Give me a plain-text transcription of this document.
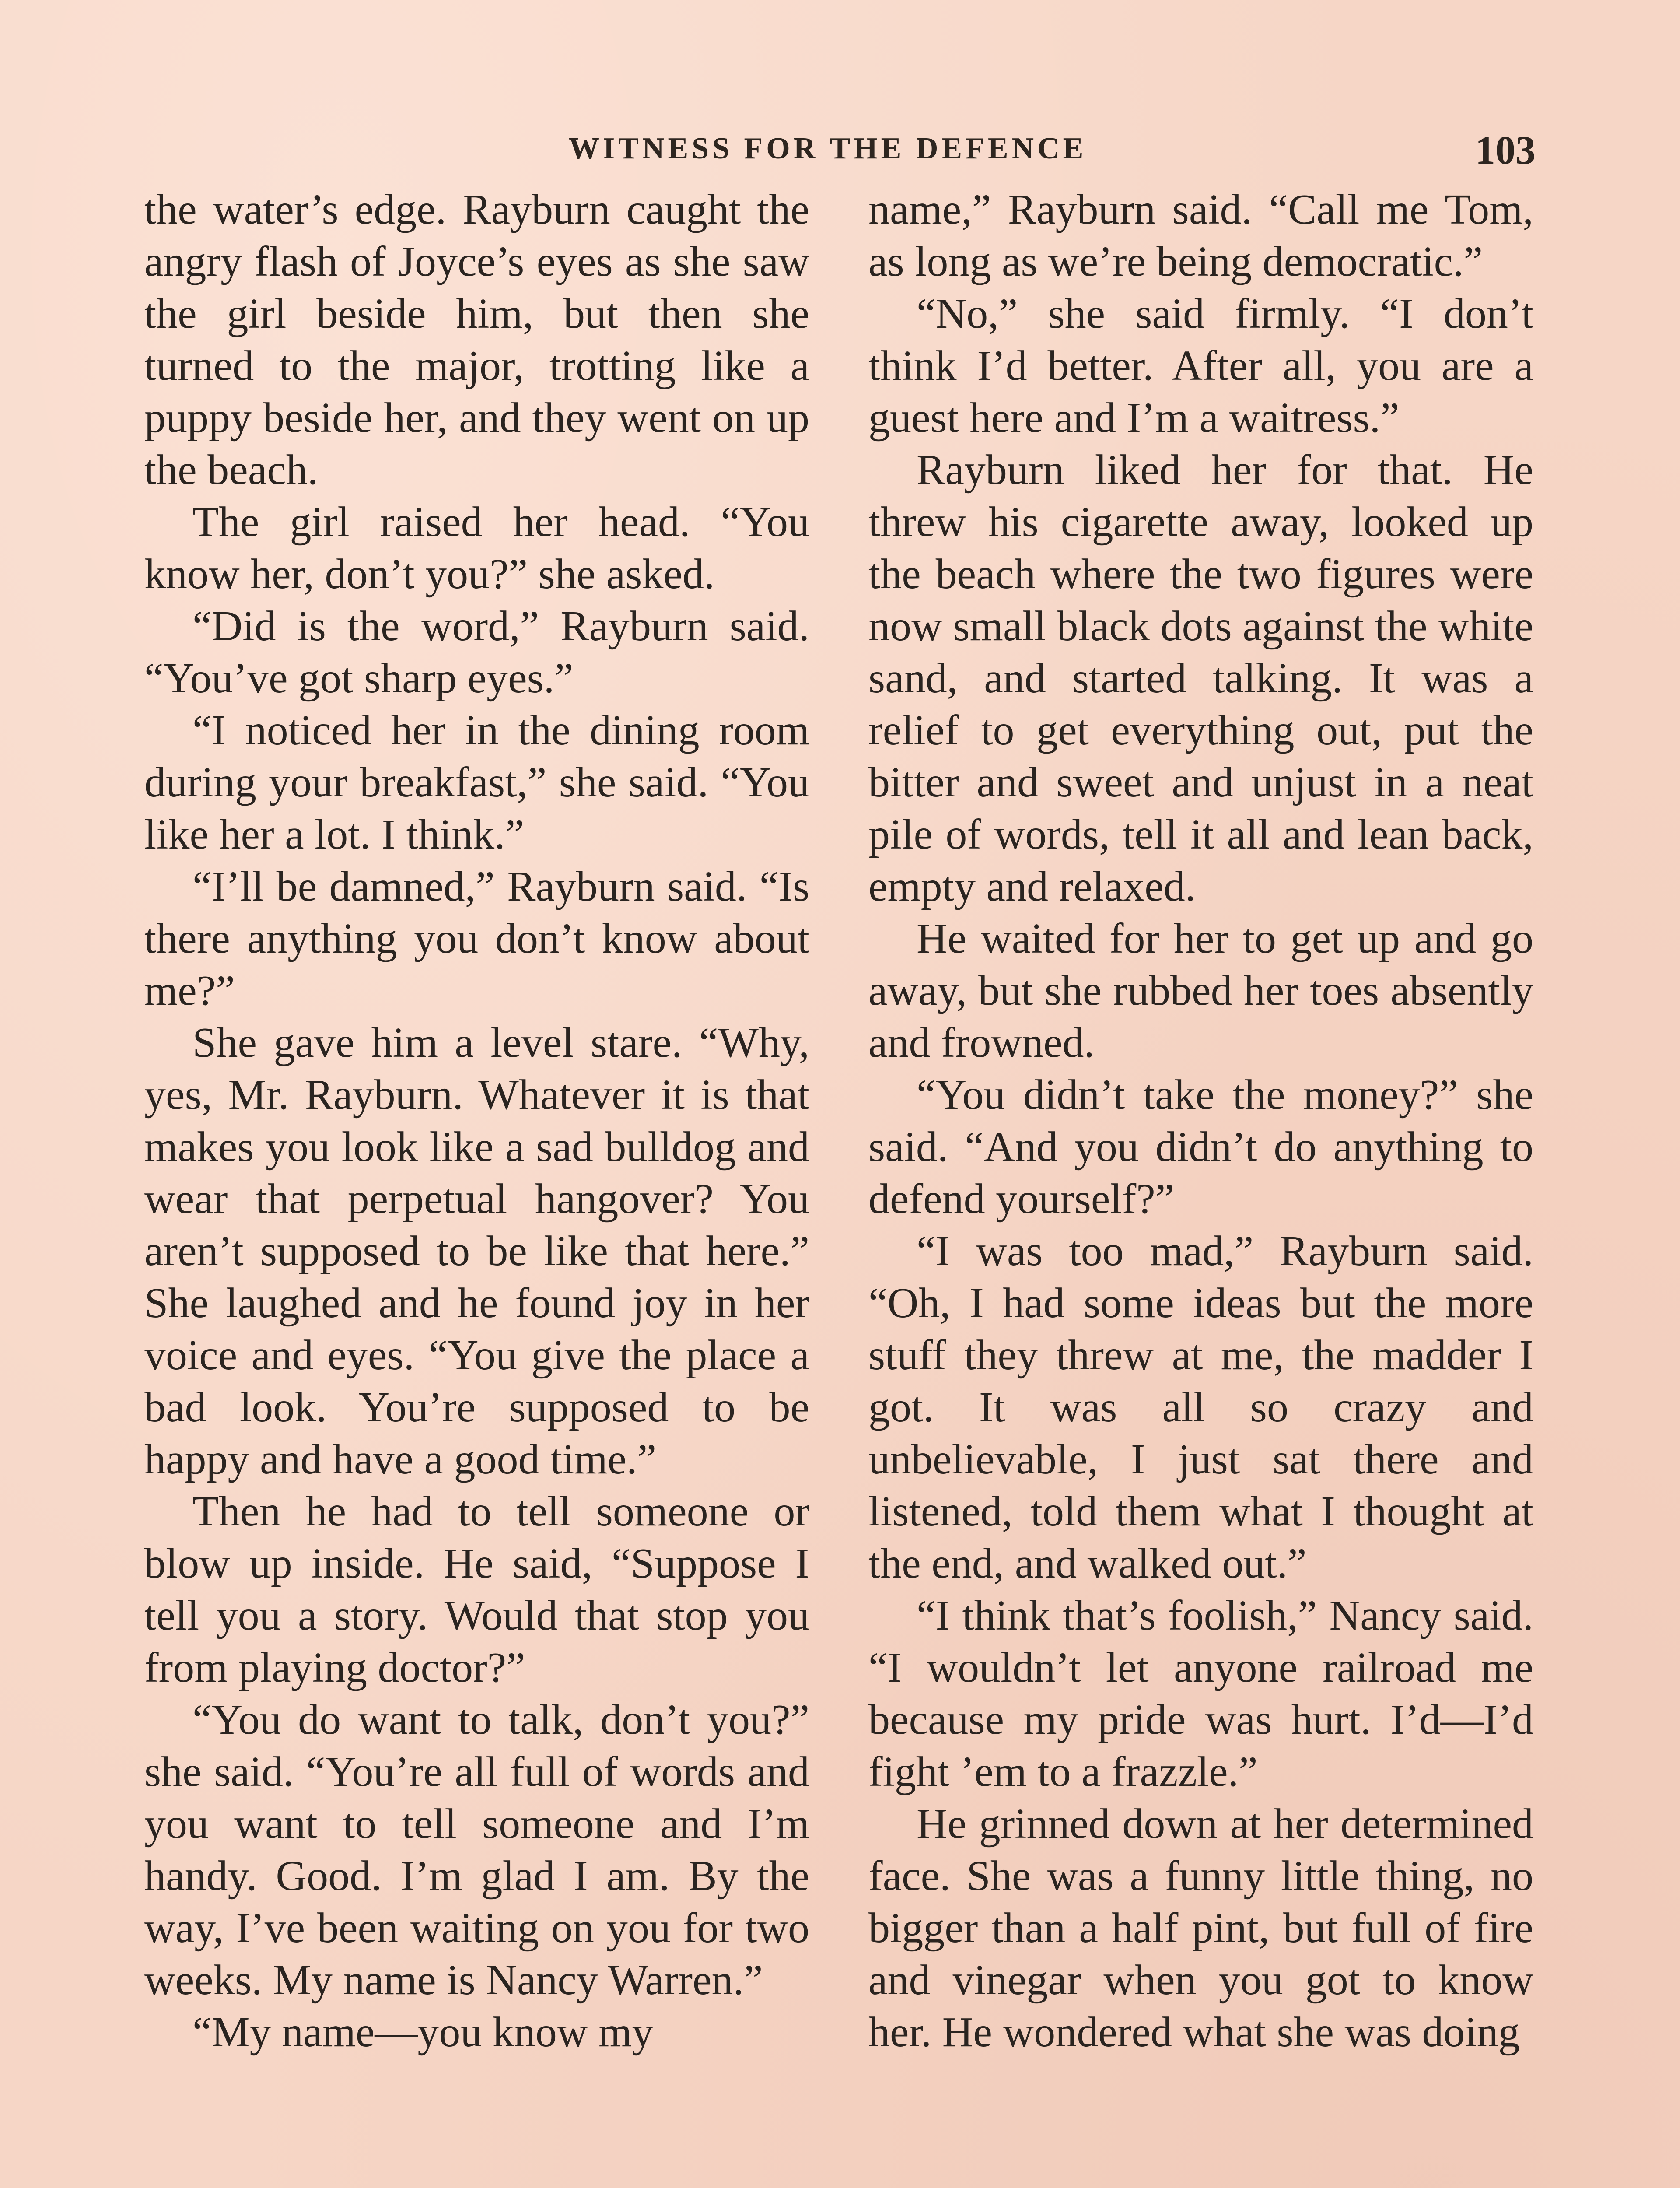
WITNESS FOR THE DEFENCE	103

the water’s edge. Rayburn caught the angry flash of Joyce’s eyes as she saw the girl beside him, but then she turned to the major, trotting like a puppy beside her, and they went on up the beach.

The girl raised her head. “You know her, don’t you?” she asked.

“Did is the word,” Rayburn said. “You’ve got sharp eyes.”

“I noticed her in the dining room during your breakfast,” she said. “You like her a lot. I think.”

“I’ll be damned,” Rayburn said. “Is there anything you don’t know about me?”

She gave him a level stare. “Why, yes, Mr. Rayburn. Whatever it is that makes you look like a sad bulldog and wear that perpetual hangover? You aren’t supposed to be like that here.” She laughed and he found joy in her voice and eyes. “You give the place a bad look. You’re supposed to be happy and have a good time.”

Then he had to tell someone or blow up inside. He said, “Suppose I tell you a story. Would that stop you from playing doctor?”

“You do want to talk, don’t you?” she said. “You’re all full of words and you want to tell someone and I’m handy. Good. I’m glad I am. By the way, I’ve been waiting on you for two weeks. My name is Nancy Warren.”

“My name—you know my

name,” Rayburn said. “Call me Tom, as long as we’re being democratic.”

“No,” she said firmly. “I don’t think I’d better. After all, you are a guest here and I’m a waitress.”

Rayburn liked her for that. He threw his cigarette away, looked up the beach where the two figures were now small black dots against the white sand, and started talking. It was a relief to get everything out, put the bitter and sweet and unjust in a neat pile of words, tell it all and lean back, empty and relaxed.

He waited for her to get up and go away, but she rubbed her toes absently and frowned.

“You didn’t take the money?” she said. “And you didn’t do anything to defend yourself?”

“I was too mad,” Rayburn said. “Oh, I had some ideas but the more stuff they threw at me, the madder I got. It was all so crazy and unbelievable, I just sat there and listened, told them what I thought at the end, and walked out.”

“I think that’s foolish,” Nancy said. “I wouldn’t let anyone railroad me because my pride was hurt. I’d—I’d fight ’em to a frazzle.”

He grinned down at her determined face. She was a funny little thing, no bigger than a half pint, but full of fire and vinegar when you got to know her. He wondered what she was doing
